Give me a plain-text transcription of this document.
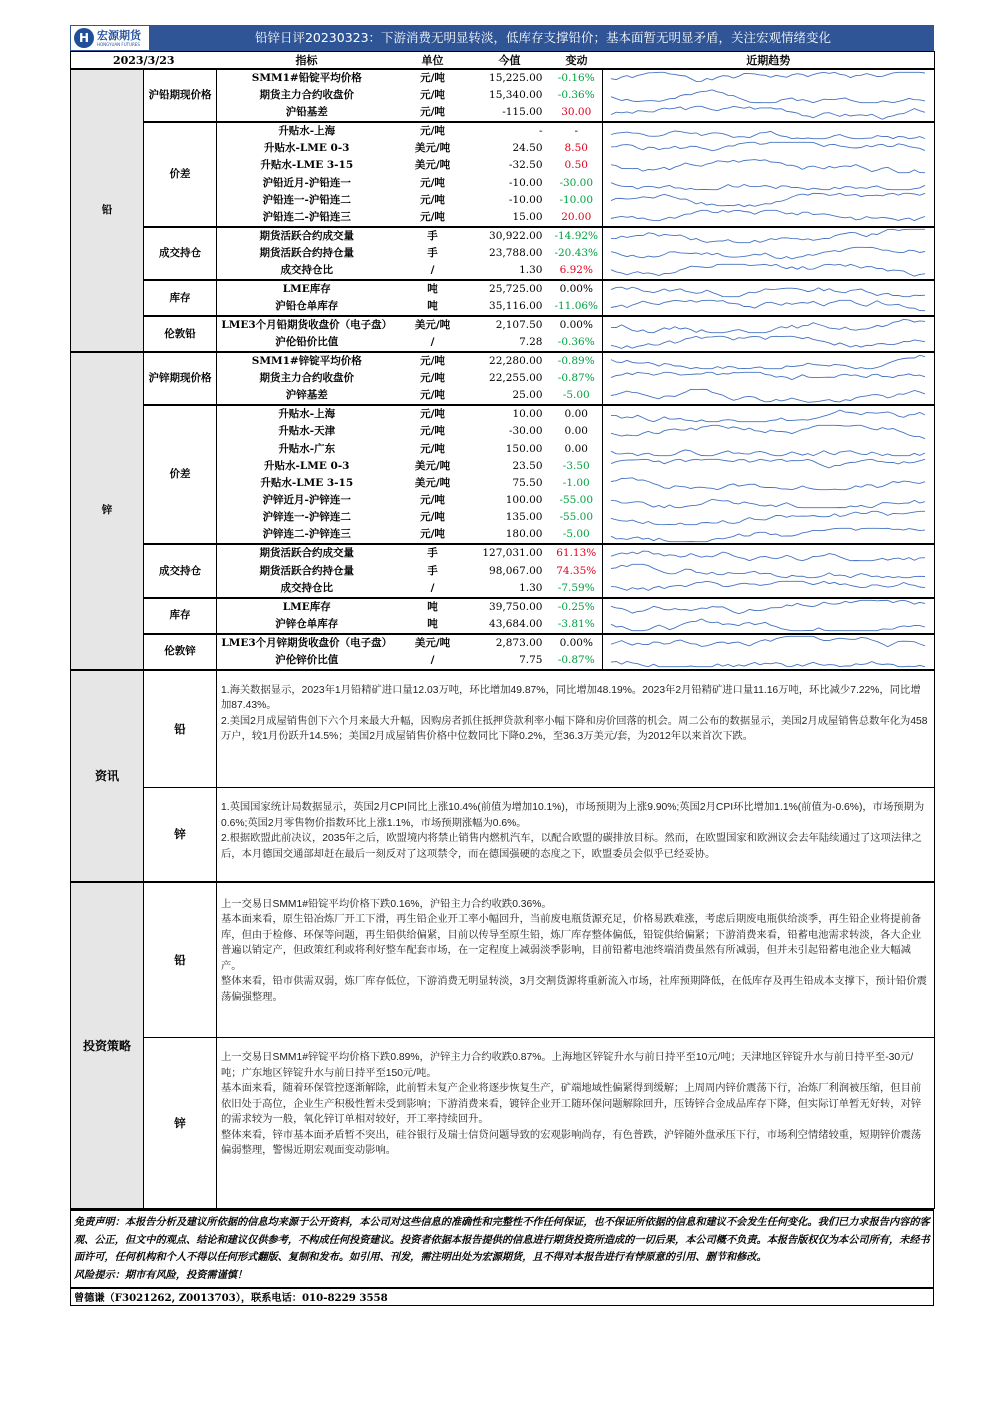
H 宏源期货
HONGYUAN FUTURES	铅锌日评20230323：下游消费无明显转淡，低库存支撑铅价；基本面暂无明显矛盾，关注宏观情绪变化
2023/3/23		指标	单位	今值	变动	近期趋势
铅	沪铅期现价格	SMM1#铅锭平均价格	元/吨	15,225.00	-0.16%	

		期货主力合约收盘价	元/吨	15,340.00	-0.36%	

		沪铅基差	元/吨	-115.00	30.00	

	价差	升贴水-上海	元/吨	-	-	

		升贴水-LME 0-3	美元/吨	24.50	8.50	

		升贴水-LME 3-15	美元/吨	-32.50	0.50	

		沪铅近月-沪铅连一	元/吨	-10.00	-30.00	

		沪铅连一-沪铅连二	元/吨	-10.00	-10.00	

		沪铅连二-沪铅连三	元/吨	15.00	20.00	

	成交持仓	期货活跃合约成交量	手	30,922.00	-14.92%	

		期货活跃合约持仓量	手	23,788.00	-20.43%	

		成交持仓比	/	1.30	6.92%	

	库存	LME库存	吨	25,725.00	0.00%	

		沪铅仓单库存	吨	35,116.00	-11.06%	

	伦敦铅	LME3个月铅期货收盘价（电子盘）	美元/吨	2,107.50	0.00%	

		沪伦铅价比值	/	7.28	-0.36%	

锌	沪锌期现价格	SMM1#锌锭平均价格	元/吨	22,280.00	-0.89%	

		期货主力合约收盘价	元/吨	22,255.00	-0.87%	

		沪锌基差	元/吨	25.00	-5.00	

	价差	升贴水-上海	元/吨	10.00	0.00	

		升贴水-天津	元/吨	-30.00	0.00	

		升贴水-广东	元/吨	150.00	0.00	

		升贴水-LME 0-3	美元/吨	23.50	-3.50	

		升贴水-LME 3-15	美元/吨	75.50	-1.00	

		沪锌近月-沪锌连一	元/吨	100.00	-55.00	

		沪锌连一-沪锌连二	元/吨	135.00	-55.00	

		沪锌连二-沪锌连三	元/吨	180.00	-5.00	

	成交持仓	期货活跃合约成交量	手	127,031.00	61.13%	

		期货活跃合约持仓量	手	98,067.00	74.35%	

		成交持仓比	/	1.30	-7.59%	

	库存	LME库存	吨	39,750.00	-0.25%	

		沪锌仓单库存	吨	43,684.00	-3.81%	

	伦敦锌	LME3个月锌期货收盘价（电子盘）	美元/吨	2,873.00	0.00%	

		沪伦锌价比值	/	7.75	-0.87%	
资讯	铅	1.海关数据显示，2023年1月铅精矿进口量12.03万吨，环比增加49.87%，同比增加48.19%。2023年2月铅精矿进口量11.16万吨，环比减少7.22%，同比增加87.43%。

2.美国2月成屋销售创下六个月来最大升幅，因购房者抓住抵押贷款利率小幅下降和房价回落的机会。周二公布的数据显示，美国2月成屋销售总数年化为458万户，较1月份跃升14.5%；美国2月成屋销售价格中位数同比下降0.2%，至36.3万美元/套，为2012年以来首次下跌。

	锌	1.英国国家统计局数据显示，英国2月CPI同比上涨10.4%(前值为增加10.1%)，市场预期为上涨9.90%;英国2月CPI环比增加1.1%(前值为-0.6%)，市场预期为0.6%;英国2月零售物价指数环比上涨1.1%，市场预期涨幅为0.6%。

2.根据欧盟此前决议，2035年之后，欧盟境内将禁止销售内燃机汽车，以配合欧盟的碳排放目标。然而，在欧盟国家和欧洲议会去年陆续通过了这项法律之后，本月德国交通部却赶在最后一刻反对了这项禁令，而在德国强硬的态度之下，欧盟委员会似乎已经妥协。

投资策略	铅	上一交易日SMM1#铅锭平均价格下跌0.16%，沪铅主力合约收跌0.36%。

基本面来看，原生铅冶炼厂开工下滑，再生铅企业开工率小幅回升，当前废电瓶货源充足，价格易跌难涨，考虑后期废电瓶供给淡季，再生铅企业将提前备库，但由于检修、环保等问题，再生铅供给偏紧，目前以传导至原生铅，炼厂库存整体偏低，铅锭供给偏紧；下游消费来看，铅蓄电池需求转淡，各大企业普遍以销定产，但政策红利或将利好整车配套市场，在一定程度上减弱淡季影响，目前铅蓄电池终端消费虽然有所减弱，但并未引起铅蓄电池企业大幅减产。

整体来看，铅市供需双弱，炼厂库存低位，下游消费无明显转淡，3月交割货源将重新流入市场，社库预期降低，在低库存及再生铅成本支撑下，预计铅价震荡偏强整理。

	锌	上一交易日SMM1#锌锭平均价格下跌0.89%，沪锌主力合约收跌0.87%。上海地区锌锭升水与前日持平至10元/吨；天津地区锌锭升水与前日持平至-30元/吨；广东地区锌锭升水与前日持平至150元/吨。

基本面来看，随着环保管控逐渐解除，此前暂未复产企业将逐步恢复生产，矿端地域性偏紧得到缓解；上周周内锌价震荡下行，冶炼厂利润被压缩，但目前依旧处于高位，企业生产积极性暂未受到影响；下游消费来看，镀锌企业开工随环保问题解除回升，压铸锌合金成品库存下降，但实际订单暂无好转，对锌的需求较为一般，氧化锌订单相对较好，开工率持续回升。

整体来看，锌市基本面矛盾暂不突出，硅谷银行及瑞士信贷问题导致的宏观影响尚存，有色普跌，沪锌随外盘承压下行，市场利空情绪较重，短期锌价震荡偏弱整理，警惕近期宏观面变动影响。

免责声明：本报告分析及建议所依据的信息均来源于公开资料，本公司对这些信息的准确性和完整性不作任何保证，也不保证所依据的信息和建议不会发生任何变化。我们已力求报告内容的客观、公正，但文中的观点、结论和建议仅供参考，不构成任何投资建议。投资者依据本报告提供的信息进行期货投资所造成的一切后果，本公司概不负责。本报告版权仅为本公司所有，未经书面许可，任何机构和个人不得以任何形式翻版、复制和发布。如引用、刊发，需注明出处为宏源期货，且不得对本报告进行有悖原意的引用、删节和修改。
风险提示：期市有风险，投资需谨慎！
曾德谦（F3021262, Z0013703），联系电话：010-8229 3558
